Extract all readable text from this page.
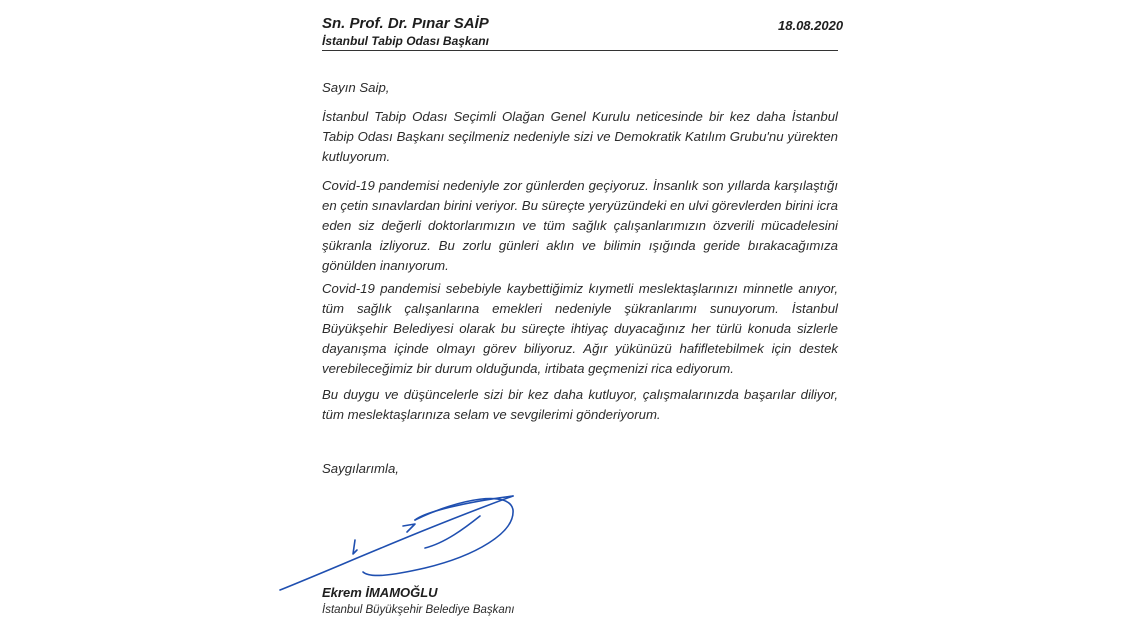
Sn. Prof. Dr. Pınar SAİP
İstanbul Tabip Odası Başkanı
18.08.2020
Sayın Saip,
İstanbul Tabip Odası Seçimli Olağan Genel Kurulu neticesinde bir kez daha İstanbul Tabip Odası Başkanı seçilmeniz nedeniyle sizi ve Demokratik Katılım Grubu'nu yürekten kutluyorum.
Covid-19 pandemisi nedeniyle zor günlerden geçiyoruz. İnsanlık son yıllarda karşılaştığı en çetin sınavlardan birini veriyor. Bu süreçte yeryüzündeki en ulvi görevlerden birini icra eden siz değerli doktorlarımızın ve tüm sağlık çalışanlarımızın özverili mücadelesini şükranla izliyoruz. Bu zorlu günleri aklın ve bilimin ışığında geride bırakacağımıza gönülden inanıyorum.
Covid-19 pandemisi sebebiyle kaybettiğimiz kıymetli meslektaşlarınızı minnetle anıyor, tüm sağlık çalışanlarına emekleri nedeniyle şükranlarımı sunuyorum. İstanbul Büyükşehir Belediyesi olarak bu süreçte ihtiyaç duyacağınız her türlü konuda sizlerle dayanışma içinde olmayı görev biliyoruz. Ağır yükünüzü hafifletebilmek için destek verebileceğimiz bir durum olduğunda, irtibata geçmenizi rica ediyorum.
Bu duygu ve düşüncelerle sizi bir kez daha kutluyor, çalışmalarınızda başarılar diliyor, tüm meslektaşlarınıza selam ve sevgilerimi gönderiyorum.
Saygılarımla,
Ekrem İMAMOĞLU
İstanbul Büyükşehir Belediye Başkanı
